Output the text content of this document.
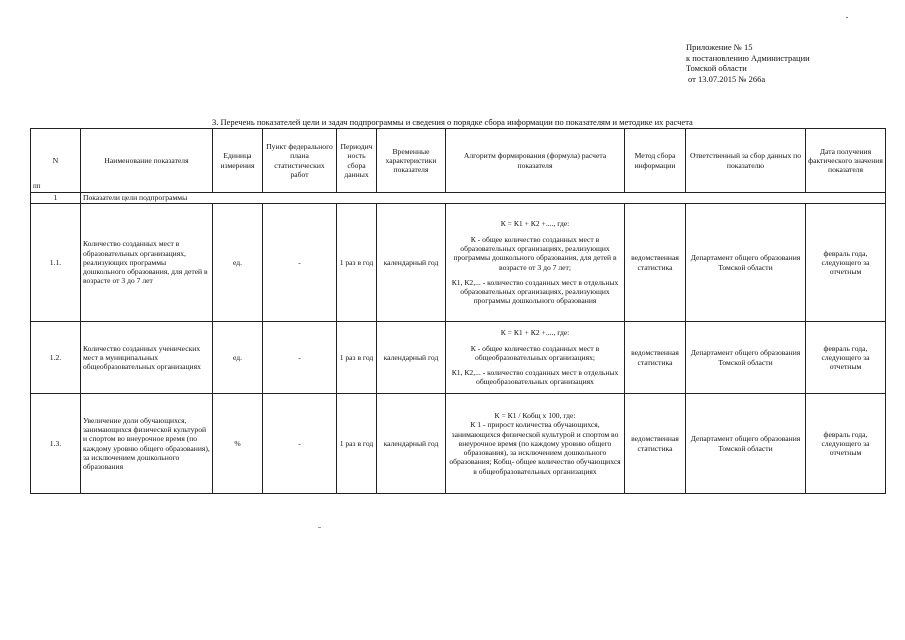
Приложение № 15
к постановлению Администрации
Томской области
от 13.07.2015 № 266а
3. Перечень показателей цели и задач подпрограммы и сведения о порядке сбора информации по показателям и методике их расчета
N
пп	Наименование показателя	Единица измерения	Пункт федерального плана статистических работ	Периодич ность сбора данных	Временные характеристики показателя	Алгоритм формирования (формула) расчета показателя	Метод сбора информации	Ответственный за сбор данных по показателю	Дата получения фактического значения показателя
1	Показатели цели подпрограммы								
1.1.	Количество созданных мест в образовательных организациях, реализующих программы дошкольного образования, для детей в возрасте от 3 до 7 лет	ед.	-	1 раз в год	календарный год	К = К1 + К2 +...., где:
К - общее количество созданных мест в образовательных организациях, реализующих программы дошкольного образования, для детей в возрасте от 3 до 7 лет;
К1, К2,... - количество созданных мест в отдельных образовательных организациях, реализующих программы дошкольного образования	ведомственная статистика	Департамент общего образования Томской области	февраль года, следующего за отчетным
1.2.	Количество созданных ученических мест в муниципальных общеобразовательных организациях	ед.	-	1 раз в год	календарный год	К = К1 + К2 +...., где:
К - общее количество созданных мест в общеобразовательных организациях;
К1, К2,... - количество созданных мест в отдельных общеобразовательных организациях	ведомственная статистика	Департамент общего образования Томской области	февраль года, следующего за отчетным
1.3.	Увеличение доли обучающихся, занимающихся физической культурой и спортом во внеурочное время (по каждому уровню общего образования), за исключением дошкольного образования	%	-	1 раз в год	календарный год	К = К1 / Кобщ х 100, где:
К 1 - прирост количества обучающихся, занимающихся физической культурой и спортом во внеурочное время (по каждому уровню общего образования), за исключением дошкольного образования; Кобщ- общее количество обучающихся в общеобразовательных организациях	ведомственная статистика	Департамент общего образования Томской области	февраль года, следующего за отчетным
